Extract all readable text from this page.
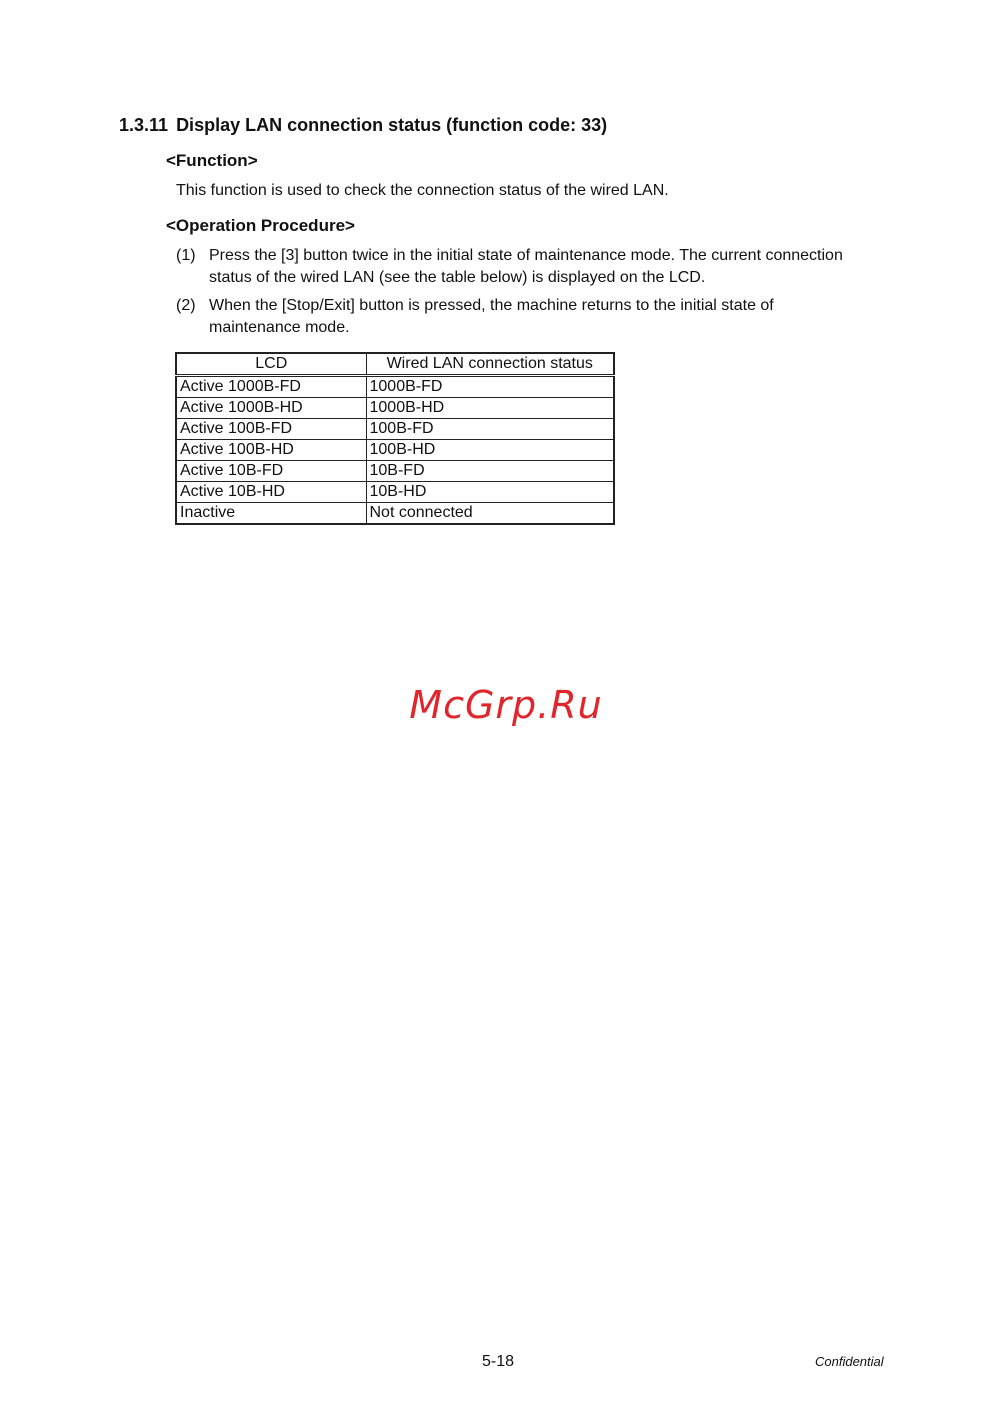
1.3.11 Display LAN connection status (function code: 33)
<Function>

This function is used to check the connection status of the wired LAN.

<Operation Procedure>
(1) Press the [3] button twice in the initial state of maintenance mode. The current connection
status of the wired LAN (see the table below) is displayed on the LCD.
(2) When the [Stop/Exit] button is pressed, the machine returns to the initial state of
maintenance mode.
LCD	Wired LAN connection status
Active 1000B-FD	1000B-FD
Active 1000B-HD	1000B-HD
Active 100B-FD	100B-FD
Active 100B-HD	100B-HD
Active 10B-FD	10B-FD
Active 10B-HD	10B-HD
Inactive	Not connected
McGrp.Ru
5-18	Confidential
